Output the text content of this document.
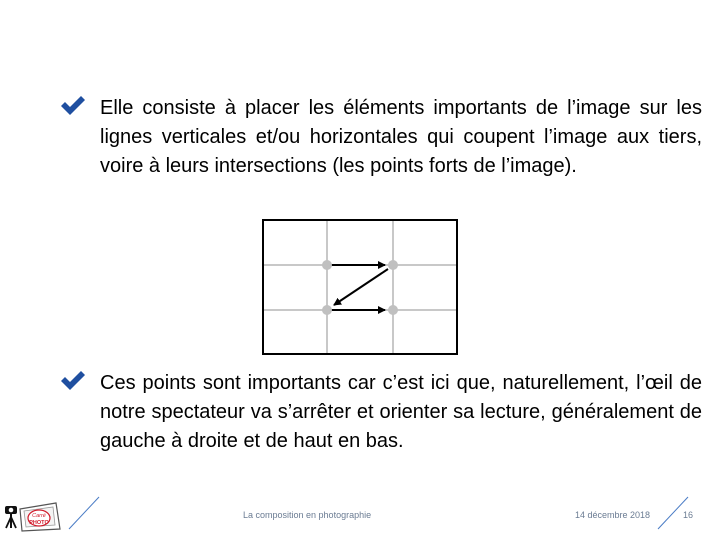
Elle consiste à placer les éléments importants de l’image sur les lignes verticales et/ou horizontales qui coupent l’image aux tiers, voire à leurs intersections (les points forts de l’image).

Ces points sont importants car c’est ici que, naturellement, l’œil de notre spectateur va s’arrêter et orienter sa lecture, généralement de gauche à droite et de haut en bas.

Carré
PHOTO
La composition en photographie	14 décembre 2018	16
